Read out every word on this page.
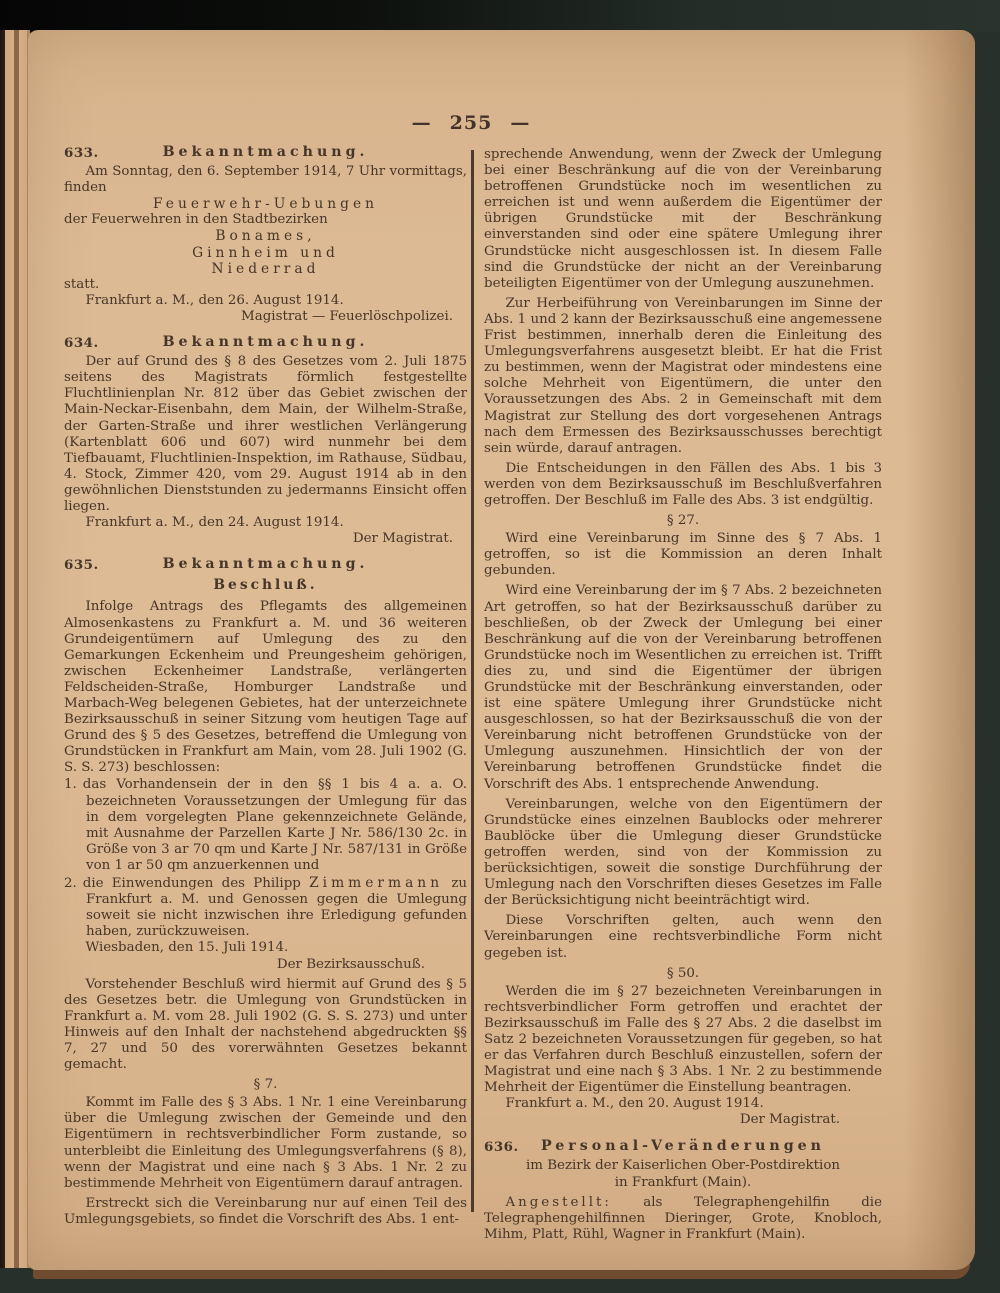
— 255 —
633.	Bekanntmachung.

Am Sonntag, den 6. September 1914, 7 Uhr vormittags, finden

Feuerwehr-Uebungen

der Feuerwehren in den Stadtbezirken

Bonames,
Ginnheim und
Niederrad

statt.

Frankfurt a. M., den 26. August 1914.

Magistrat — Feuerlöschpolizei.
634.	Bekanntmachung.

Der auf Grund des § 8 des Gesetzes vom 2. Juli 1875 seitens des Magistrats förmlich festgestellte Fluchtlinienplan Nr. 812 über das Gebiet zwischen der Main-Neckar-Eisenbahn, dem Main, der Wilhelm-Straße, der Garten-Straße und ihrer westlichen Verlängerung (Kartenblatt 606 und 607) wird nunmehr bei dem Tiefbauamt, Fluchtlinien-Inspektion, im Rathause, Südbau, 4. Stock, Zimmer 420, vom 29. August 1914 ab in den gewöhnlichen Dienststunden zu jedermanns Einsicht offen liegen.

Frankfurt a. M., den 24. August 1914.

Der Magistrat.
635.	Bekanntmachung.
Beschluß.

Infolge Antrags des Pflegamts des allgemeinen Almosenkastens zu Frankfurt a. M. und 36 weiteren Grundeigentümern auf Umlegung des zu den Gemarkungen Eckenheim und Preungesheim gehörigen, zwischen Eckenheimer Landstraße, verlängerten Feldscheiden-Straße, Homburger Landstraße und Marbach-Weg belegenen Gebietes, hat der unterzeichnete Bezirksausschuß in seiner Sitzung vom heutigen Tage auf Grund des § 5 des Gesetzes, betreffend die Umlegung von Grundstücken in Frankfurt am Main, vom 28. Juli 1902 (G. S. S. 273) beschlossen:

1. das Vorhandensein der in den §§ 1 bis 4 a. a. O. bezeichneten Voraussetzungen der Umlegung für das in dem vorgelegten Plane gekennzeichnete Gelände, mit Ausnahme der Parzellen Karte J Nr. 586/130 2c. in Größe von 3 ar 70 qm und Karte J Nr. 587/131 in Größe von 1 ar 50 qm anzuerkennen und
2. die Einwendungen des Philipp Zimmermann zu Frankfurt a. M. und Genossen gegen die Umlegung soweit sie nicht inzwischen ihre Erledigung gefunden haben, zurückzuweisen.

Wiesbaden, den 15. Juli 1914.

Der Bezirksausschuß.

Vorstehender Beschluß wird hiermit auf Grund des § 5 des Gesetzes betr. die Umlegung von Grundstücken in Frankfurt a. M. vom 28. Juli 1902 (G. S. S. 273) und unter Hinweis auf den Inhalt der nachstehend abgedruckten §§ 7, 27 und 50 des vorerwähnten Gesetzes bekannt gemacht.

§ 7.

Kommt im Falle des § 3 Abs. 1 Nr. 1 eine Vereinbarung über die Umlegung zwischen der Gemeinde und den Eigentümern in rechtsverbindlicher Form zustande, so unterbleibt die Einleitung des Umlegungsverfahrens (§ 8), wenn der Magistrat und eine nach § 3 Abs. 1 Nr. 2 zu bestimmende Mehrheit von Eigentümern darauf antragen.

Erstreckt sich die Vereinbarung nur auf einen Teil des Umlegungsgebiets, so findet die Vorschrift des Abs. 1 ent-

sprechende Anwendung, wenn der Zweck der Umlegung bei einer Beschränkung auf die von der Vereinbarung betroffenen Grundstücke noch im wesentlichen zu erreichen ist und wenn außerdem die Eigentümer der übrigen Grundstücke mit der Beschränkung einverstanden sind oder eine spätere Umlegung ihrer Grundstücke nicht ausgeschlossen ist. In diesem Falle sind die Grundstücke der nicht an der Vereinbarung beteiligten Eigentümer von der Umlegung auszunehmen.

Zur Herbeiführung von Vereinbarungen im Sinne der Abs. 1 und 2 kann der Bezirksausschuß eine angemessene Frist bestimmen, innerhalb deren die Einleitung des Umlegungsverfahrens ausgesetzt bleibt. Er hat die Frist zu bestimmen, wenn der Magistrat oder mindestens eine solche Mehrheit von Eigentümern, die unter den Voraussetzungen des Abs. 2 in Gemeinschaft mit dem Magistrat zur Stellung des dort vorgesehenen Antrags nach dem Ermessen des Bezirksausschusses berechtigt sein würde, darauf antragen.

Die Entscheidungen in den Fällen des Abs. 1 bis 3 werden von dem Bezirksausschuß im Beschlußverfahren getroffen. Der Beschluß im Falle des Abs. 3 ist endgültig.

§ 27.

Wird eine Vereinbarung im Sinne des § 7 Abs. 1 getroffen, so ist die Kommission an deren Inhalt gebunden.

Wird eine Vereinbarung der im § 7 Abs. 2 bezeichneten Art getroffen, so hat der Bezirksausschuß darüber zu beschließen, ob der Zweck der Umlegung bei einer Beschränkung auf die von der Vereinbarung betroffenen Grundstücke noch im Wesentlichen zu erreichen ist. Trifft dies zu, und sind die Eigentümer der übrigen Grundstücke mit der Beschränkung einverstanden, oder ist eine spätere Umlegung ihrer Grundstücke nicht ausgeschlossen, so hat der Bezirksausschuß die von der Vereinbarung nicht betroffenen Grundstücke von der Umlegung auszunehmen. Hinsichtlich der von der Vereinbarung betroffenen Grundstücke findet die Vorschrift des Abs. 1 entsprechende Anwendung.

Vereinbarungen, welche von den Eigentümern der Grundstücke eines einzelnen Baublocks oder mehrerer Baublöcke über die Umlegung dieser Grundstücke getroffen werden, sind von der Kommission zu berücksichtigen, soweit die sonstige Durchführung der Umlegung nach den Vorschriften dieses Gesetzes im Falle der Berücksichtigung nicht beeinträchtigt wird.

Diese Vorschriften gelten, auch wenn den Vereinbarungen eine rechtsverbindliche Form nicht gegeben ist.

§ 50.

Werden die im § 27 bezeichneten Vereinbarungen in rechtsverbindlicher Form getroffen und erachtet der Bezirksausschuß im Falle des § 27 Abs. 2 die daselbst im Satz 2 bezeichneten Voraussetzungen für gegeben, so hat er das Verfahren durch Beschluß einzustellen, sofern der Magistrat und eine nach § 3 Abs. 1 Nr. 2 zu bestimmende Mehrheit der Eigentümer die Einstellung beantragen.

Frankfurt a. M., den 20. August 1914.

Der Magistrat.
636. Personal-Veränderungen
im Bezirk der Kaiserlichen Ober-Postdirektion
in Frankfurt (Main).

Angestellt: als Telegraphengehilfin die Telegraphengehilfinnen Dieringer, Grote, Knobloch, Mihm, Platt, Rühl, Wagner in Frankfurt (Main).
